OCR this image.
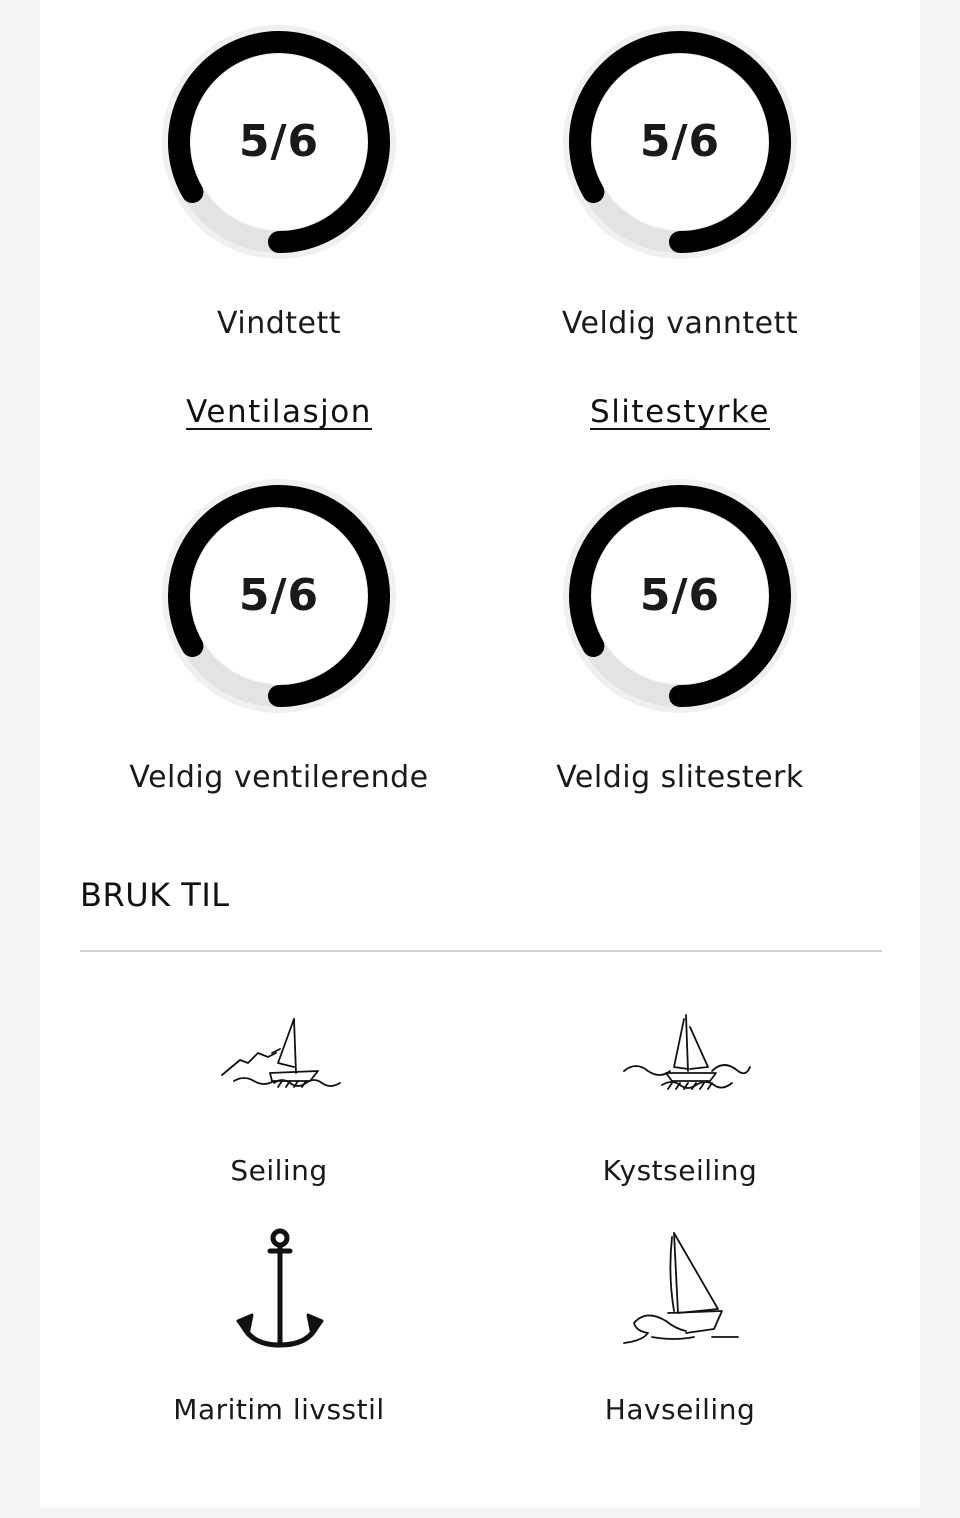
5/6
Vindtett
5/6
Veldig vanntett
Ventilasjon	Slitestyrke
5/6
Veldig ventilerende
5/6
Veldig slitesterk
BRUK TIL
Seiling	Kystseiling
Maritim livsstil	Havseiling
